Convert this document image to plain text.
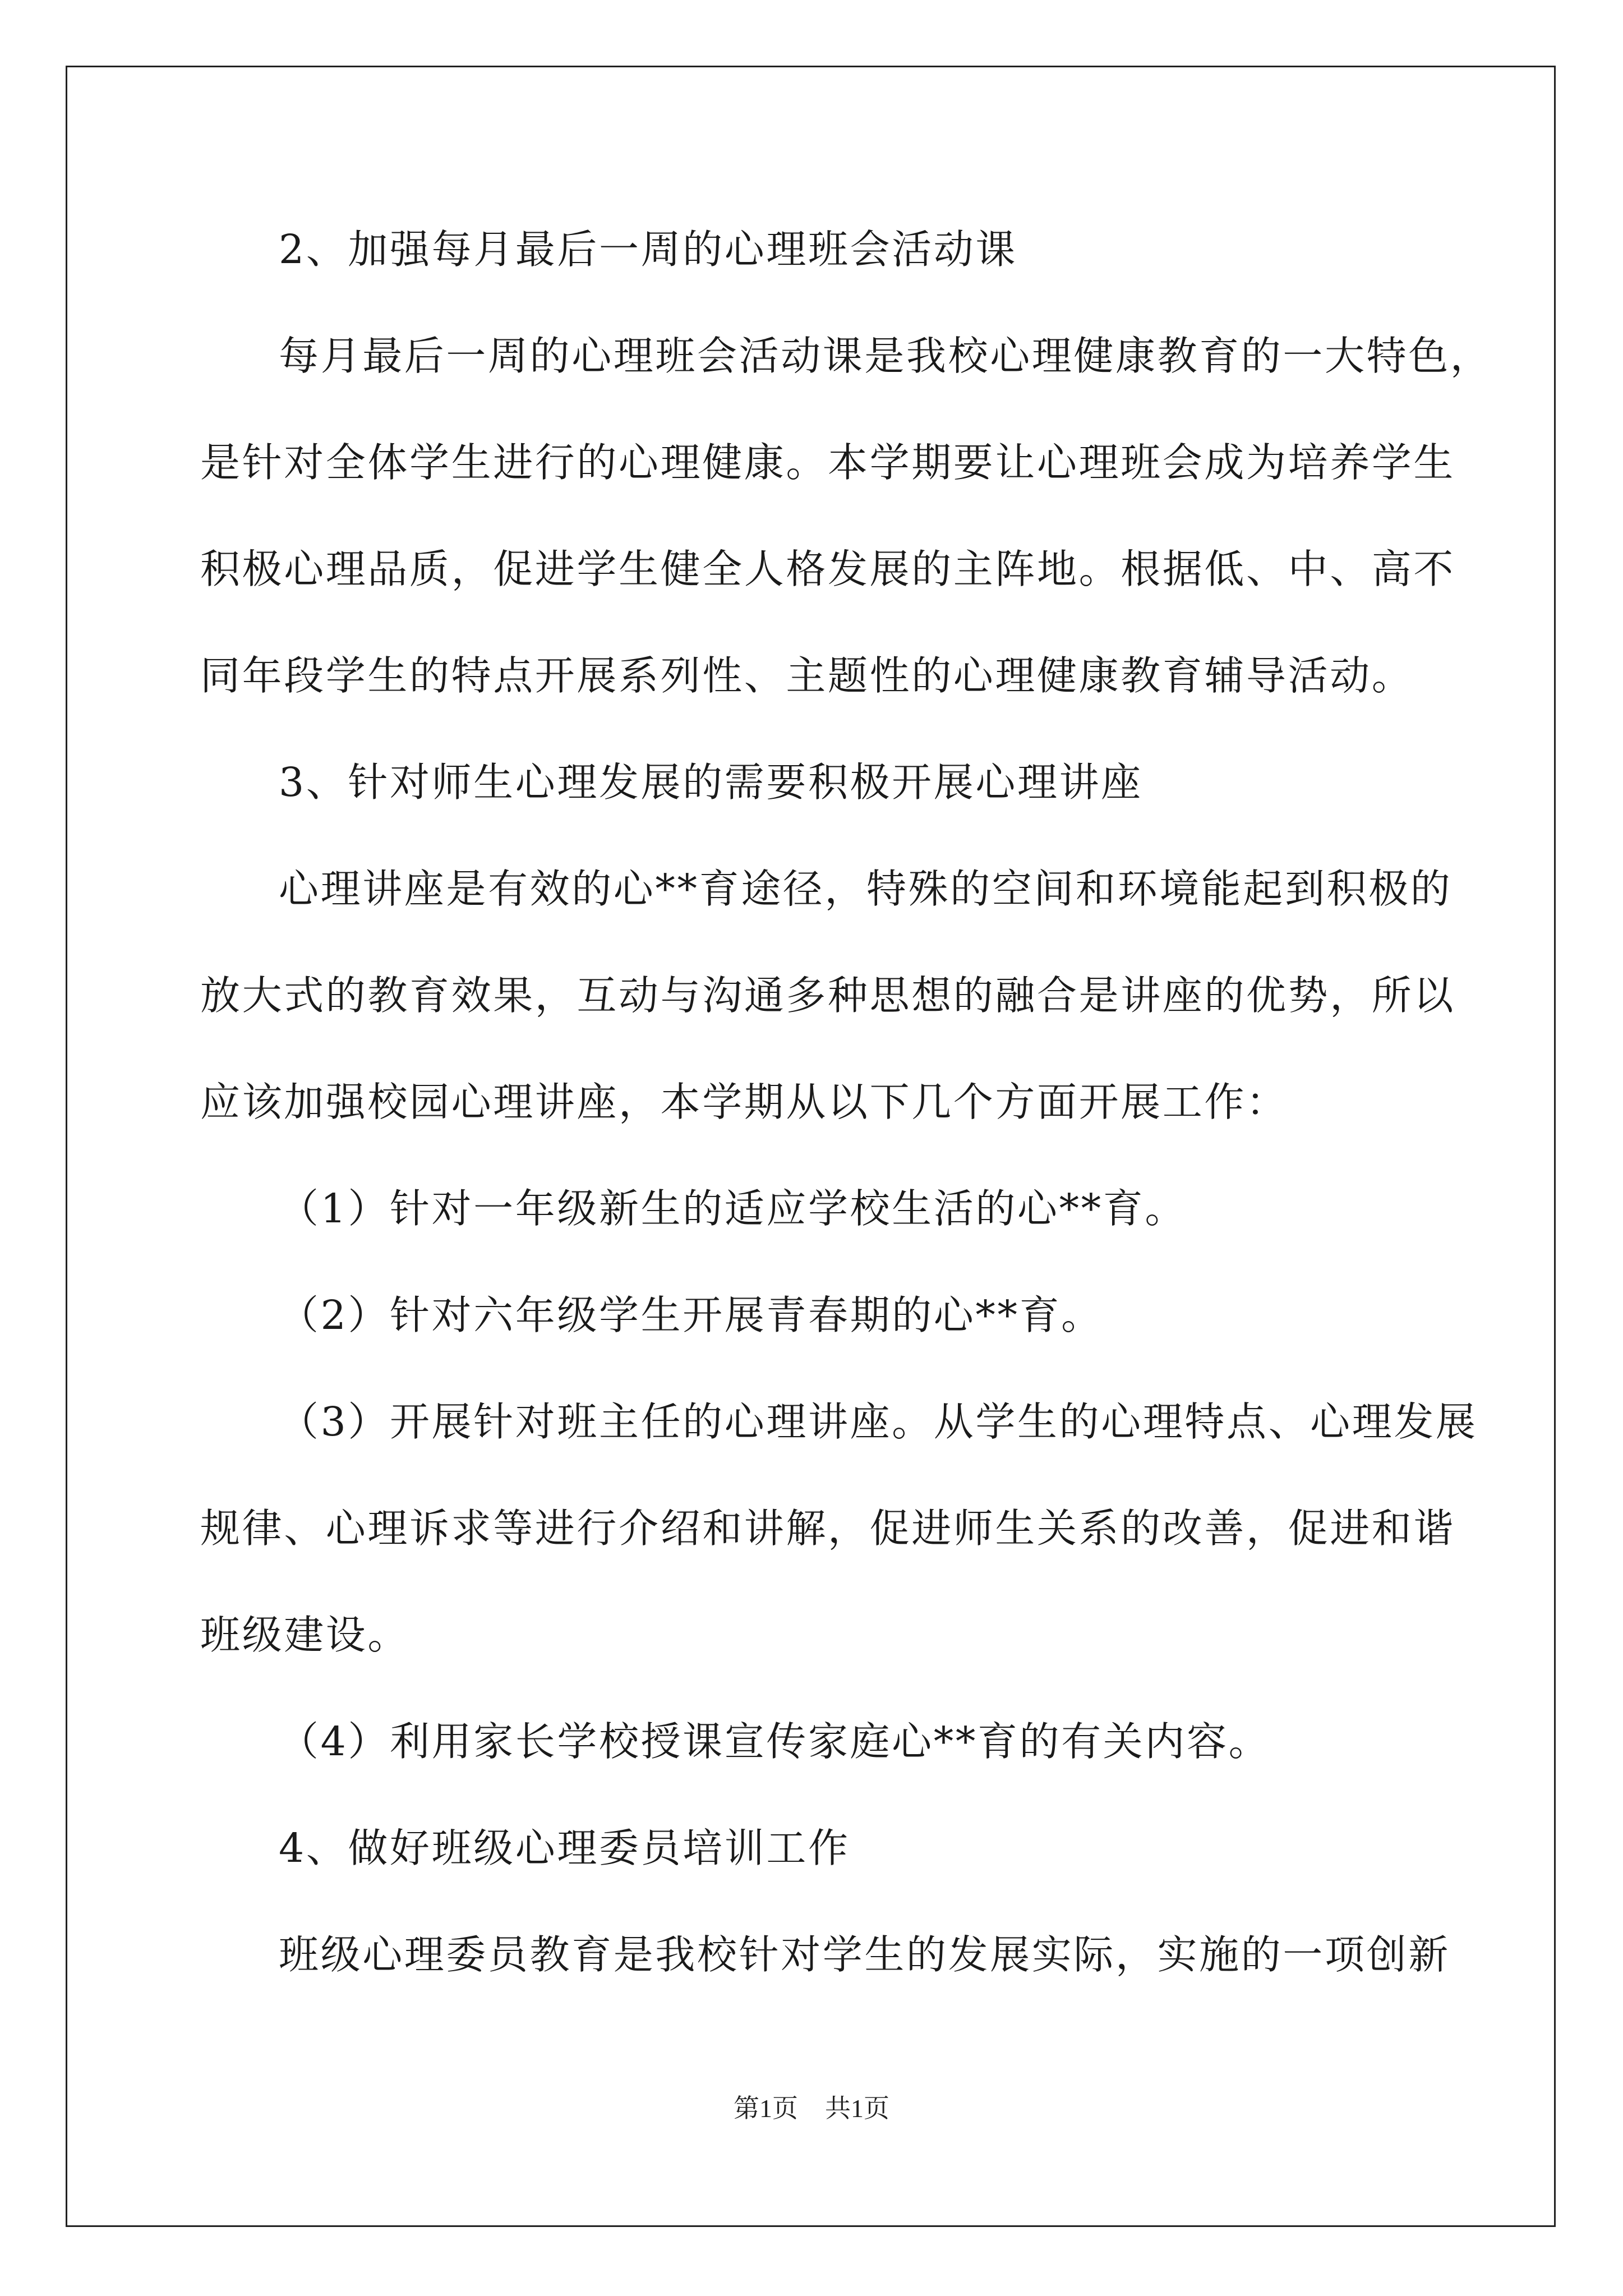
2、加强每月最后一周的心理班会活动课
每月最后一周的心理班会活动课是我校心理健康教育的一大特色，
是针对全体学生进行的心理健康。本学期要让心理班会成为培养学生
积极心理品质，促进学生健全人格发展的主阵地。根据低、中、高不
同年段学生的特点开展系列性、主题性的心理健康教育辅导活动。
3、针对师生心理发展的需要积极开展心理讲座
心理讲座是有效的心**育途径，特殊的空间和环境能起到积极的
放大式的教育效果，互动与沟通多种思想的融合是讲座的优势，所以
应该加强校园心理讲座，本学期从以下几个方面开展工作：
（1）针对一年级新生的适应学校生活的心**育。
（2）针对六年级学生开展青春期的心**育。
（3）开展针对班主任的心理讲座。从学生的心理特点、心理发展
规律、心理诉求等进行介绍和讲解，促进师生关系的改善，促进和谐
班级建设。
（4）利用家长学校授课宣传家庭心**育的有关内容。
4、做好班级心理委员培训工作
班级心理委员教育是我校针对学生的发展实际，实施的一项创新
第1页 共1页
